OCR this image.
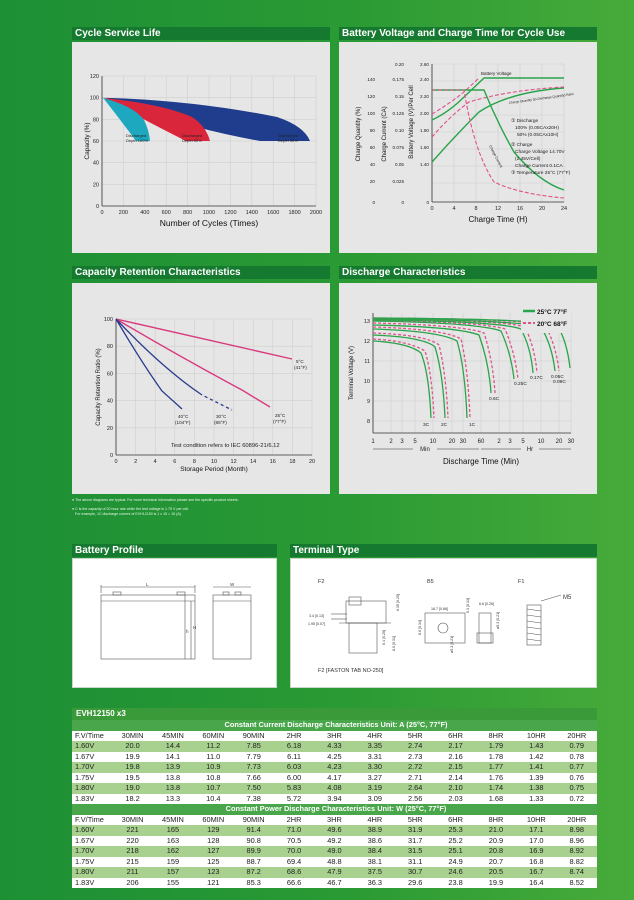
Cycle Service Life	Battery Voltage and Charge Time for Cycle Use
Capacity Retention Characteristics	Discharge Characteristics
Battery Profile	Terminal Type
0
20
40
60
80
100
120
0	200 400 600 800 1000 1200 1400 1600 1800 2000
Number of Cycles (Times)
Capacity (%)	Discharged
Depth 100%
Discharged
Depth 50%
Discharged
Depth 30%
0
1.40
1.60
1.80
2.00
2.20
2.40
2.60
0
0.025
0.05
0.075
0.10
0.125
0.15
0.175
0.20
0
20
40
60
80
100
120
140
0	4	8	12	16	20	24
Charge Time (H)
Charge Quantity (%)	Charge Current (CA)	Battery Voltage (V)/Per Cell
Battery Voltage
Charge Quantity (to-Discharge Quantity) Ratio
Charge Current
① Discharge
100% (0.05CAx20H)
50% (0.05CAx10H)
② Charge
Charge Voltage 14.70V
(2.45V/Cell)
Charge Current 0.1CA
③ Temperature 25°C (77°F)
0
20
40
60
80
100
0	2	4	6	8	10 12 14 16 18 20
Storage Period (Month)
Capacity Retention Ratio (%)	5°C
(41°F)
25°C
(77°F)
30°C
(86°F)
40°C
(104°F)
Test condition refers to IEC 60896-21/6.12
25°C 77°F
20°C 68°F
8
9
10
11
12
13
1 2 3 5 10 20 30 60 2 3 5 10 20 30
Min	Hr
Discharge Time (Min)
Terminal Voltage (V)
3C 2C	1C
0.6C
0.25C
0.17C
0.09C
0.05C
● The above diagrams are typical. For more technical information please see the specific product sheets.
● C is the capacity of 20 hour rate while the test voltage is 1.75 V per cell.
For example, 1C discharge current of EVH12150 is 1 x 15 = 15 (A)
L	W
H
h
F2	B5	F1
3.4 [0.13]
1.95 [0.07]
6.35 [0.25]
6.4 [0.25] 8.0 [0.31]
16.7 [0.66]
6.6 [0.26]
ø5.3 [0.21]
ø5.3 [0.21]
8.6 [0.34]
5.3 [0.13]	M5
F2 [FASTON TAB NO-250]
EVH12150 x3
Constant Current Discharge Characteristics Unit: A (25°C, 77°F)												
F.V/Time	30MIN	45MIN	60MIN	90MIN	2HR	3HR	4HR	5HR	6HR	8HR	10HR	20HR
1.60V	20.0	14.4	11.2	7.85	6.18	4.33	3.35	2.74	2.17	1.79	1.43	0.79
1.67V	19.9	14.1	11.0	7.79	6.11	4.25	3.31	2.73	2.16	1.78	1.42	0.78
1.70V	19.8	13.9	10.9	7.73	6.03	4.23	3.30	2.72	2.15	1.77	1.41	0.77
1.75V	19.5	13.8	10.8	7.66	6.00	4.17	3.27	2.71	2.14	1.76	1.39	0.76
1.80V	19.0	13.8	10.7	7.50	5.83	4.08	3.19	2.64	2.10	1.74	1.38	0.75
1.83V	18.2	13.3	10.4	7.38	5.72	3.94	3.09	2.56	2.03	1.68	1.33	0.72
Constant Power Discharge Characteristics Unit: W (25°C, 77°F)												
F.V/Time	30MIN	45MIN	60MIN	90MIN	2HR	3HR	4HR	5HR	6HR	8HR	10HR	20HR
1.60V	221	165	129	91.4	71.0	49.6	38.9	31.9	25.3	21.0	17.1	8.98
1.67V	220	163	128	90.8	70.5	49.2	38.6	31.7	25.2	20.9	17.0	8.96
1.70V	218	162	127	89.9	70.0	49.0	38.4	31.5	25.1	20.8	16.9	8.92
1.75V	215	159	125	88.7	69.4	48.8	38.1	31.1	24.9	20.7	16.8	8.82
1.80V	211	157	123	87.2	68.6	47.9	37.5	30.7	24.6	20.5	16.7	8.74
1.83V	206	155	121	85.3	66.6	46.7	36.3	29.6	23.8	19.9	16.4	8.52
